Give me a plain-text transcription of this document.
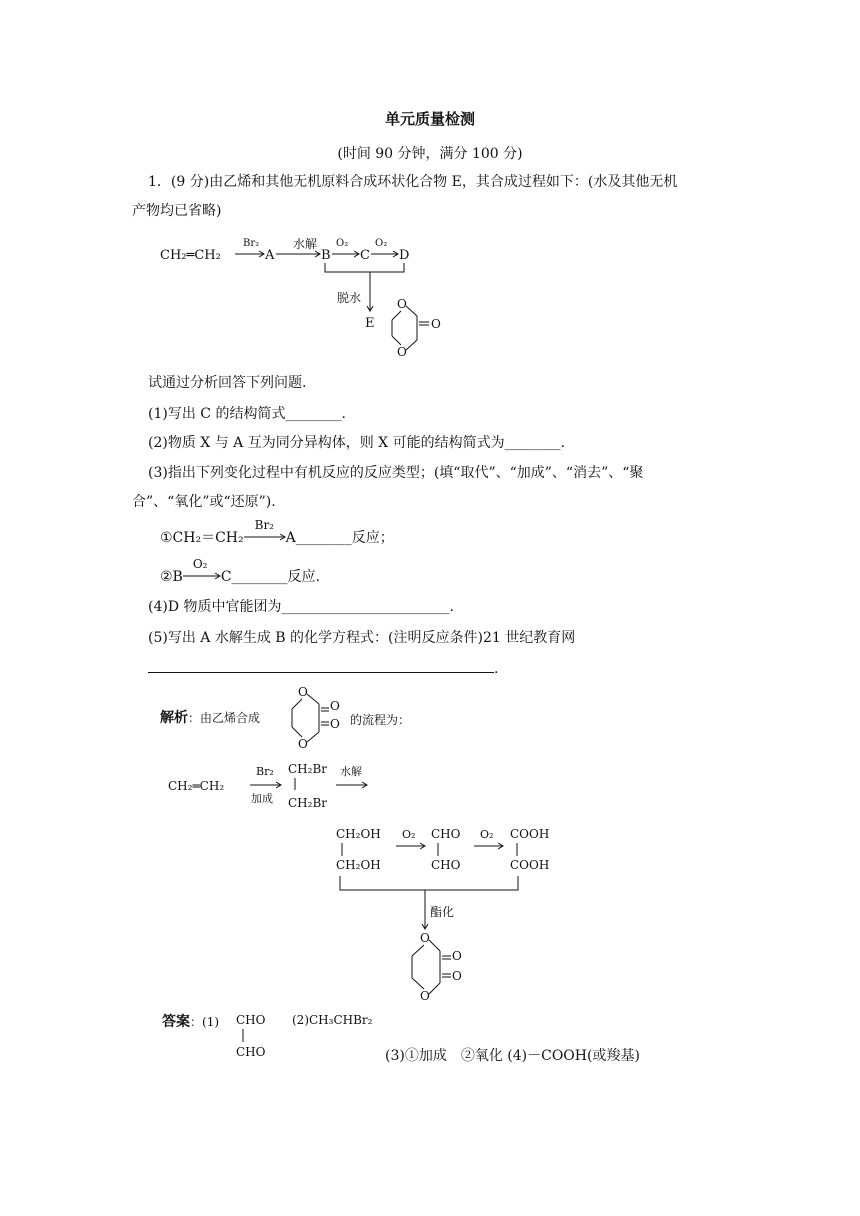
单元质量检测
(时间 90 分钟，满分 100 分)
1．(9 分)由乙烯和其他无机原料合成环状化合物 E，其合成过程如下：(水及其他无机
产物均已省略)
CH₂═CH₂
Br₂
A
水解
B
O₂
C
O₂
D
脱水
E
O
O
O
试通过分析回答下列问题.
(1)写出 C 的结构简式________.
(2)物质 X 与 A 互为同分异构体，则 X 可能的结构简式为________.
(3)指出下列变化过程中有机反应的反应类型；(填“取代”、“加成”、“消去”、“聚
合”、“氧化”或“还原”).
①CH₂＝CH₂
Br₂
A________反应；
②B
O₂
C________反应.
(4)D 物质中官能团为________________________.
(5)写出 A 水解生成 B 的化学方程式：(注明反应条件)21 世纪教育网
.
解析：由乙烯合成
O
O
O
O 的流程为：
CH₂═CH₂
Br₂
加成
CH₂Br
CH₂Br
水解
CH₂OH
CH₂OH
O₂ CHO
CHO
O₂ COOH
COOH
酯化
O
O
O
O
答案：(1) CHO
CHO
(2)CH₃CHBr₂
(3)①加成　②氧化 (4)－COOH(或羧基)
